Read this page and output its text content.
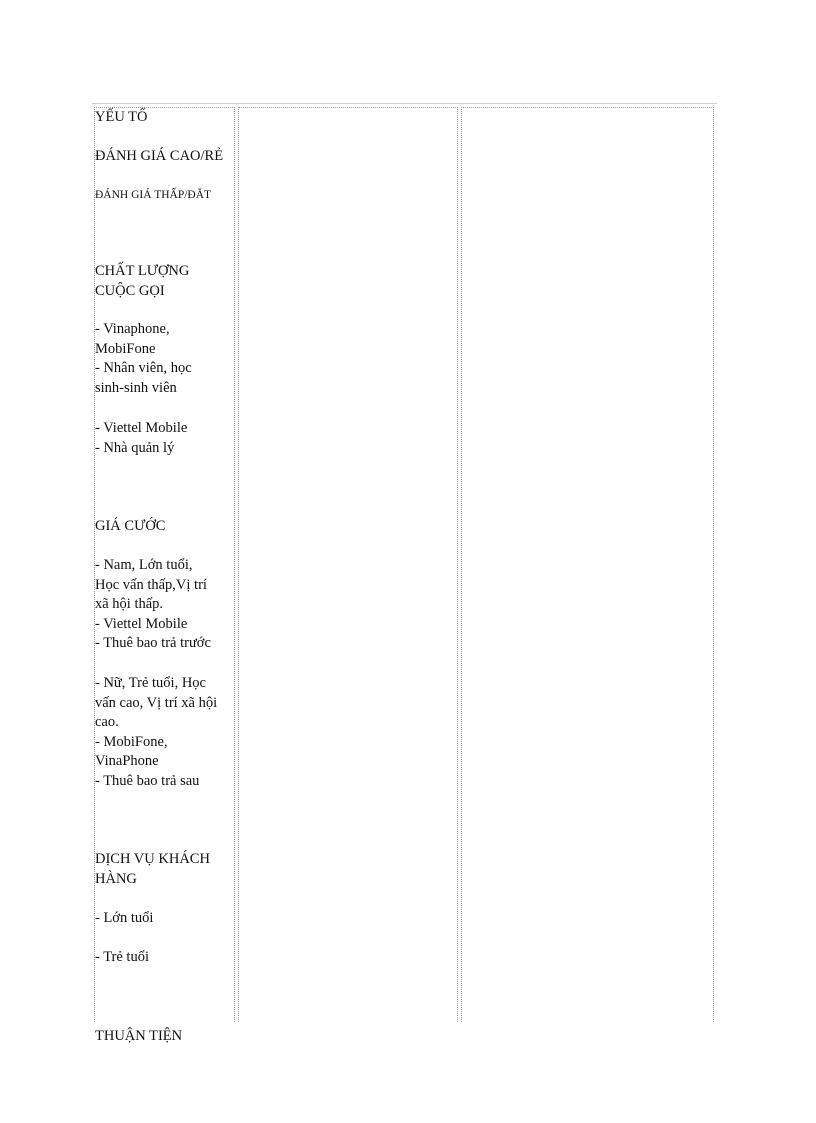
YẾU TỐ
ĐÁNH GIÁ CAO/RẺ
ĐÁNH GIÁ THẤP/ĐẮT
CHẤT LƯỢNG
CUỘC GỌI
- Vinaphone,
MobiFone
- Nhân viên, học
sinh-sinh viên
- Viettel Mobile
- Nhà quản lý
GIÁ CƯỚC
- Nam, Lớn tuổi,
Học vấn thấp,Vị trí
xã hội thấp.
- Viettel Mobile
- Thuê bao trả trước
- Nữ, Trẻ tuổi, Học
vấn cao, Vị trí xã hội
cao.
- MobiFone,
VinaPhone
- Thuê bao trả sau
DỊCH VỤ KHÁCH
HÀNG
- Lớn tuổi
- Trẻ tuổi
THUẬN TIỆN
